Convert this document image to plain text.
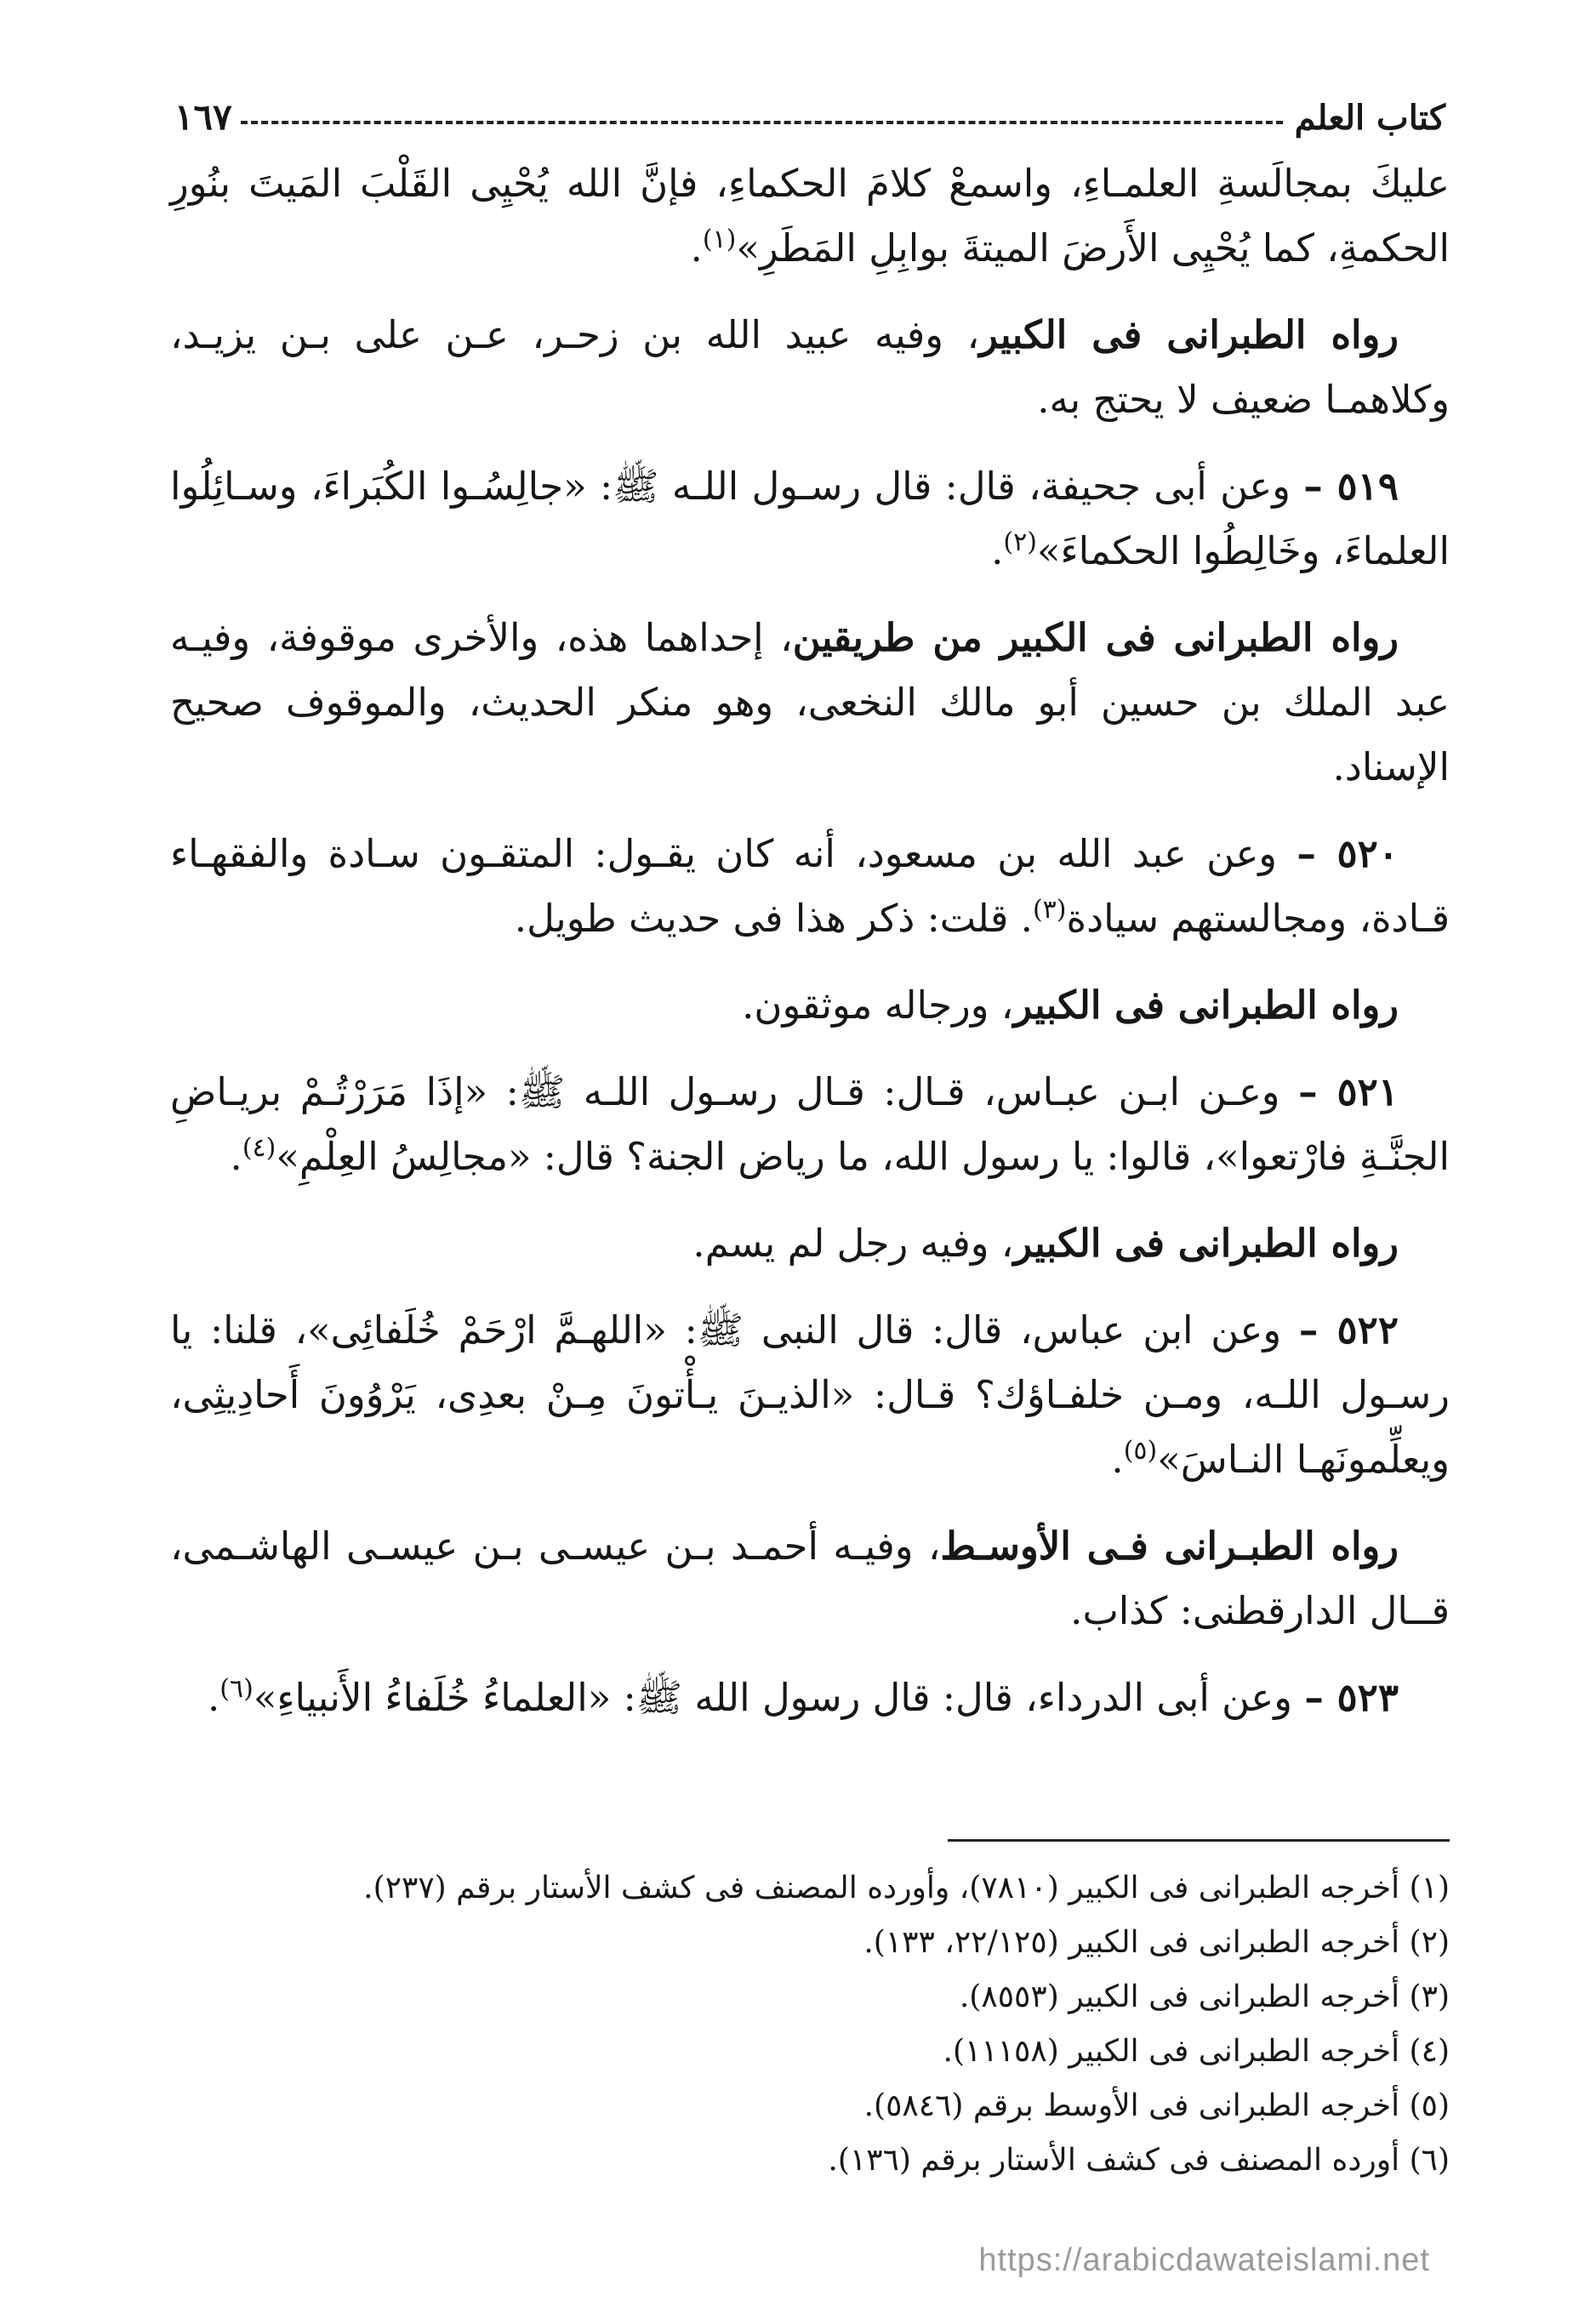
كتاب العلم
١٦٧

عليكَ بمجالَسةِ العلمـاءِ، واسمعْ كلامَ الحكماءِ، فإنَّ الله يُحْيِى القَلْبَ المَيتَ بنُورِ الحكمةِ، كما يُحْيِى الأَرضَ الميتةَ بوابِلِ المَطَرِ»$^{(١)}$.

رواه الطبرانى فى الكبير، وفيه عبيد الله بن زحـر، عـن على بـن يزيـد، وكلاهمـا ضعيف لا يحتج به.

٥١٩ – وعن أبى جحيفة، قال: قال رسـول اللـه ﷺ: «جالِسُـوا الكُبَراءَ، وسـائِلُوا العلماءَ، وخَالِطُوا الحكماءَ»$^{(٢)}$.

رواه الطبرانى فى الكبير من طريقين، إحداهما هذه، والأخرى موقوفة، وفيـه عبد الملك بن حسين أبو مالك النخعى، وهو منكر الحديث، والموقوف صحيح الإسناد.

٥٢٠ – وعن عبد الله بن مسعود، أنه كان يقـول: المتقـون سـادة والفقهـاء قـادة، ومجالستهم سيادة$^{(٣)}$. قلت: ذكر هذا فى حديث طويل.

رواه الطبرانى فى الكبير، ورجاله موثقون.

٥٢١ – وعـن ابـن عبـاس، قـال: قـال رسـول اللـه ﷺ: «إذَا مَرَرْتُـمْ بريـاضِ الجنَّـةِ فارْتعوا»، قالوا: يا رسول الله، ما رياض الجنة؟ قال: «مجالِسُ العِلْمِ»$^{(٤)}$.

رواه الطبرانى فى الكبير، وفيه رجل لم يسم.

٥٢٢ – وعن ابن عباس، قال: قال النبى ﷺ: «اللهـمَّ ارْحَمْ خُلَفائِى»، قلنا: يا رسـول اللـه، ومـن خلفـاؤك؟ قـال: «الذيـنَ يـأْتونَ مِـنْ بعدِى، يَرْوُونَ أَحادِيثِى، ويعلِّمونَهـا النـاسَ»$^{(٥)}$.

رواه الطبـرانى فـى الأوسـط، وفيـه أحمـد بـن عيسـى بـن عيسـى الهاشـمى، قــال الدارقطنى: كذاب.

٥٢٣ – وعن أبى الدرداء، قال: قال رسول الله ﷺ: «العلماءُ خُلَفاءُ الأَنبياءِ»$^{(٦)}$.

(١) أخرجه الطبرانى فى الكبير (٧٨١٠)، وأورده المصنف فى كشف الأستار برقم (٢٣٧).

(٢) أخرجه الطبرانى فى الكبير (٢٢/١٢٥، ١٣٣).

(٣) أخرجه الطبرانى فى الكبير (٨٥٥٣).

(٤) أخرجه الطبرانى فى الكبير (١١١٥٨).

(٥) أخرجه الطبرانى فى الأوسط برقم (٥٨٤٦).

(٦) أورده المصنف فى كشف الأستار برقم (١٣٦).

https://arabicdawateislami.net
